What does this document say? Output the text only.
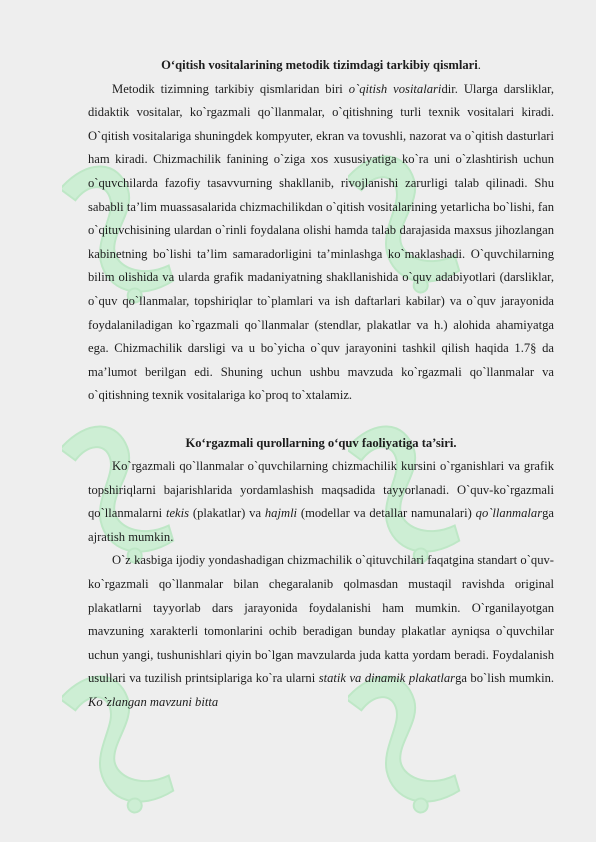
O‘qitish vositalarining metodik tizimdagi tarkibiy qismlari.

Metodik tizimning tarkibiy qismlaridan biri o`qitish vositalaridir. Ularga darsliklar, didaktik vositalar, ko`rgazmali qo`llanmalar, o`qitishning turli texnik vositalari kiradi. O`qitish vositalariga shuningdek kompyuter, ekran va tovushli, nazorat va o`qitish dasturlari ham kiradi. Chizmachilik fanining o`ziga xos xususiyatiga ko`ra uni o`zlashtirish uchun o`quvchilarda fazofiy tasavvurning shakllanib, rivojlanishi zarurligi talab qilinadi. Shu sababli ta’lim muassasalarida chizmachilikdan o`qitish vositalarining yetarlicha bo`lishi, fan o`qituvchisining ulardan o`rinli foydalana olishi hamda talab darajasida maxsus jihozlangan kabinetning bo`lishi ta’lim samaradorligini ta’minlashga ko`maklashadi. O`quvchilarning bilim olishida va ularda grafik madaniyatning shakllanishida o`quv adabiyotlari (darsliklar, o`quv qo`llanmalar, topshiriqlar to`plamlari va ish daftarlari kabilar) va o`quv jarayonida foydalaniladigan ko`rgazmali qo`llanmalar (stendlar, plakatlar va h.) alohida ahamiyatga ega. Chizmachilik darsligi va u bo`yicha o`quv jarayonini tashkil qilish haqida 1.7§ da ma’lumot berilgan edi. Shuning uchun ushbu mavzuda ko`rgazmali qo`llanmalar va o`qitishning texnik vositalariga ko`proq to`xtalamiz.

Ko‘rgazmali qurollarning o‘quv faoliyatiga ta’siri.

Ko`rgazmali qo`llanmalar o`quvchilarning chizmachilik kursini o`rganishlari va grafik topshiriqlarni bajarishlarida yordamlashish maqsadida tayyorlanadi. O`quv-ko`rgazmali qo`llanmalarni tekis (plakatlar) va hajmli (modellar va detallar namunalari) qo`llanmalarga ajratish mumkin.

O`z kasbiga ijodiy yondashadigan chizmachilik o`qituvchilari faqatgina standart o`quv-ko`rgazmali qo`llanmalar bilan chegaralanib qolmasdan mustaqil ravishda original plakatlarni tayyorlab dars jarayonida foydalanishi ham mumkin. O`rganilayotgan mavzuning xarakterli tomonlarini ochib beradigan bunday plakatlar ayniqsa o`quvchilar uchun yangi, tushunishlari qiyin bo`lgan mavzularda juda katta yordam beradi. Foydalanish usullari va tuzilish printsiplariga ko`ra ularni statik va dinamik plakatlarga bo`lish mumkin. Ko`zlangan mavzuni bitta
